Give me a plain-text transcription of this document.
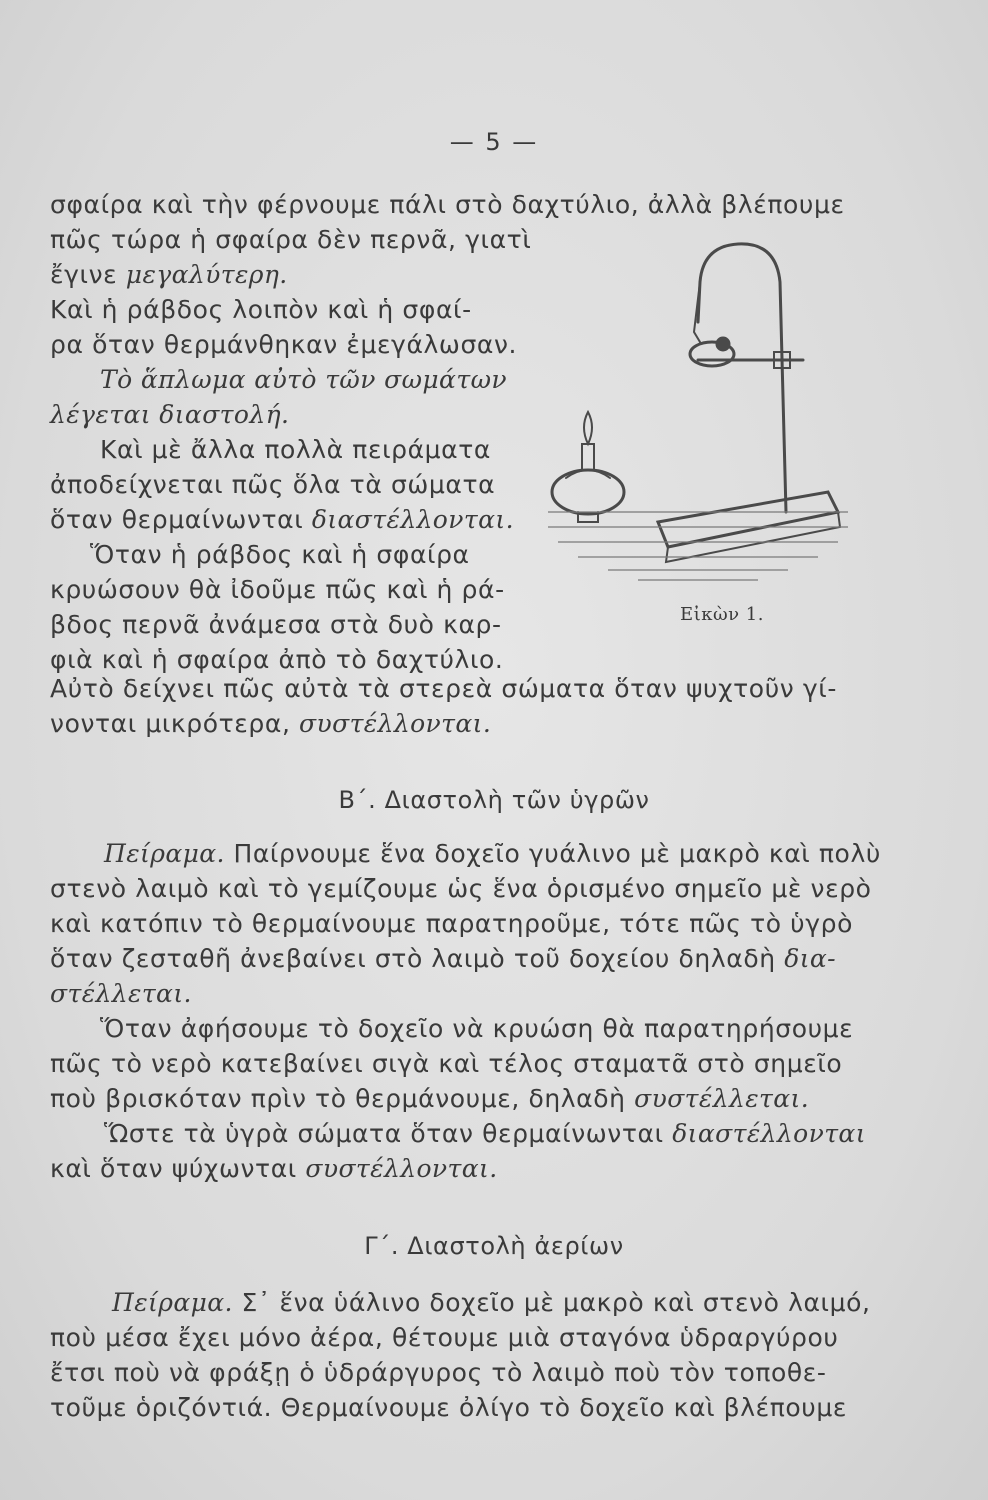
— 5 —
σφαίρα καὶ τὴν φέρνουμε πάλι στὸ δαχτύλιο, ἀλλὰ βλέπουμε
πῶς τώρα ἡ σφαίρα δὲν περνᾶ, γιατὶ
ἔγινε μεγαλύτερη.
Καὶ ἡ ράβδος λοιπὸν καὶ ἡ σφαί-
ρα ὅταν θερμάνθηκαν ἐμεγάλωσαν.
Τὸ ἅπλωμα αὐτὸ τῶν σωμάτων
λέγεται διαστολή.
Καὶ μὲ ἄλλα πολλὰ πειράματα
ἀποδείχνεται πῶς ὅλα τὰ σώματα
ὅταν θερμαίνωνται διαστέλλονται.
Ὅταν ἡ ράβδος καὶ ἡ σφαίρα
κρυώσουν θὰ ἰδοῦμε πῶς καὶ ἡ ρά-
βδος περνᾶ ἀνάμεσα στὰ δυὸ καρ-
φιὰ καὶ ἡ σφαίρα ἀπὸ τὸ δαχτύλιο.
Αὐτὸ δείχνει πῶς αὐτὰ τὰ στερεὰ σώματα ὅταν ψυχτοῦν γί-
νονται μικρότερα, συστέλλονται.
Εἰκὼν 1.
Β΄. Διαστολὴ τῶν ὑγρῶν
Πείραμα. Παίρνουμε ἕνα δοχεῖο γυάλινο μὲ μακρὸ καὶ πολὺ
στενὸ λαιμὸ καὶ τὸ γεμίζουμε ὡς ἕνα ὁρισμένο σημεῖο μὲ νερὸ
καὶ κατόπιν τὸ θερμαίνουμε παρατηροῦμε, τότε πῶς τὸ ὑγρὸ
ὅταν ζεσταθῆ ἀνεβαίνει στὸ λαιμὸ τοῦ δοχείου δηλαδὴ δια-
στέλλεται.
Ὅταν ἀφήσουμε τὸ δοχεῖο νὰ κρυώση θὰ παρατηρήσουμε
πῶς τὸ νερὸ κατεβαίνει σιγὰ καὶ τέλος σταματᾶ στὸ σημεῖο
ποὺ βρισκόταν πρὶν τὸ θερμάνουμε, δηλαδὴ συστέλλεται.
Ὥστε τὰ ὑγρὰ σώματα ὅταν θερμαίνωνται διαστέλλονται
καὶ ὅταν ψύχωνται συστέλλονται.
Γ΄. Διαστολὴ ἀερίων
Πείραμα. Σ᾽ ἕνα ὑάλινο δοχεῖο μὲ μακρὸ καὶ στενὸ λαιμό,
ποὺ μέσα ἔχει μόνο ἀέρα, θέτουμε μιὰ σταγόνα ὑδραργύρου
ἔτσι ποὺ νὰ φράξῃ ὁ ὑδράργυρος τὸ λαιμὸ ποὺ τὸν τοποθε-
τοῦμε ὁριζόντιά. Θερμαίνουμε ὀλίγο τὸ δοχεῖο καὶ βλέπουμε
